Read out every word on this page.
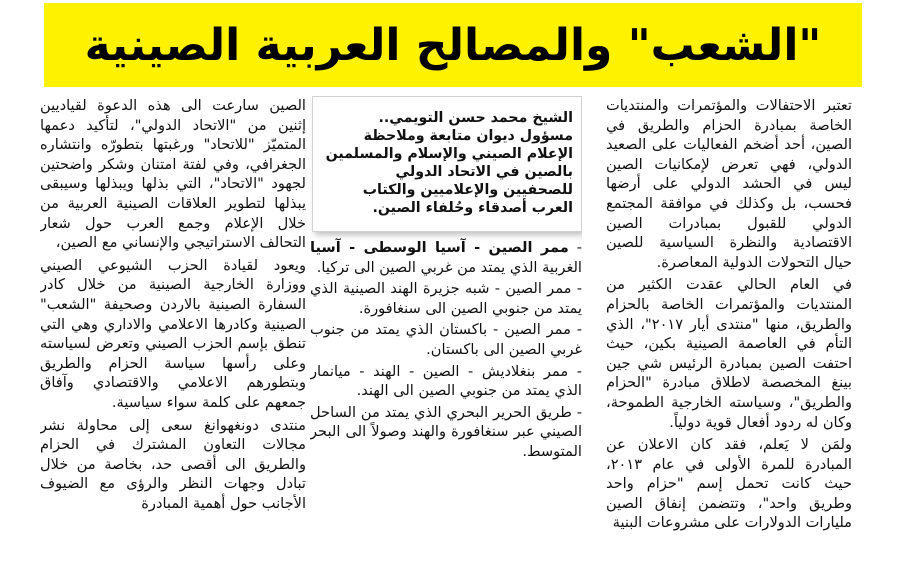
"الشعب" والمصالح العربية الصينية

تعتبر الاحتفالات والمؤتمرات والمنتديات الخاصة بمبادرة الحزام والطريق في الصين، أحد أضخم الفعاليات على الصعيد الدولي، فهي تعرض لإمكانيات الصين ليس في الحشد الدولي على أرضها فحسب، بل وكذلك في موافقة المجتمع الدولي للقبول بمبادرات الصين الاقتصادية والنظرة السياسية للصين حيال التحولات الدولية المعاصرة.

في العام الحالي عقدت الكثير من المنتديات والمؤتمرات الخاصة بالحزام والطريق، منها "منتدى أيار ٢٠١٧"، الذي التأم في العاصمة الصينية بكين، حيث احتفت الصين بمبادرة الرئيس شي جين بينغ المخصصة لاطلاق مبادرة "الحزام والطريق"، وسياسته الخارجية الطموحة، وكان له ردود أفعال قوية دولياً.

ولمَن لا يَعلم، فقد كان الاعلان عن المبادرة للمرة الأولى في عام ٢٠١٣، حيث كانت تحمل إسم "حزام واحد وطريق واحد"، وتتضمن إنفاق الصين مليارات الدولارات على مشروعات البنية

الشيخ محمد حسن التويمي..
مسؤول ديوان متابعة وملاحظة الإعلام الصيني والإسلام والمسلمين بالصين في الاتحاد الدولي للصحفيين والإعلاميين والكتاب العرب أصدقاء وحُلفاء الصين.

- ممر الصين - آسيا الوسطى - آسيا الغربية الذي يمتد من غربي الصين الى تركيا.

- ممر الصين - شبه جزيرة الهند الصينية الذي يمتد من جنوبي الصين الى سنغافورة.

- ممر الصين - باكستان الذي يمتد من جنوب غربي الصين الى باكستان.

- ممر بنغلاديش - الصين - الهند - ميانمار الذي يمتد من جنوبي الصين الى الهند.

- طريق الحرير البحري الذي يمتد من الساحل الصيني عبر سنغافورة والهند وصولاً الى البحر المتوسط.

الصين سارعت الى هذه الدعوة لقياديين إثنين من "الاتحاد الدولي"، لتأكيد دعمها المتميّز "للاتحاد" ورغبتها بتطورّه وانتشاره الجغرافي، وفي لفتة امتنان وشكر واضحتين لجهود "الاتحاد"، التي بذلها ويبذلها وسيبقى يبذلها لتطوير العلاقات الصينية العربية من خلال الإعلام وجمع العرب حول شعار التحالف الاستراتيجي والإنساني مع الصين،

ويعود لقيادة الحزب الشيوعي الصيني ووزارة الخارجية الصينية من خلال كادر السفارة الصينية بالاردن وصحيفة "الشعب" الصينية وكادرها الاعلامي والاداري وهي التي تنطق بإسم الحزب الصيني وتعرض لسياسته وعلى رأسها سياسة الحزام والطريق وبتطورهم الاعلامي والاقتصادي وآفاق جمعهم على كلمة سواء سياسية.

منتدى دونغهوانغ سعى إلى محاولة نشر مجالات التعاون المشترك في الحزام والطريق الى أقصى حد، بخاصة من خلال تبادل وجهات النظر والرؤى مع الضيوف الأجانب حول أهمية المبادرة
